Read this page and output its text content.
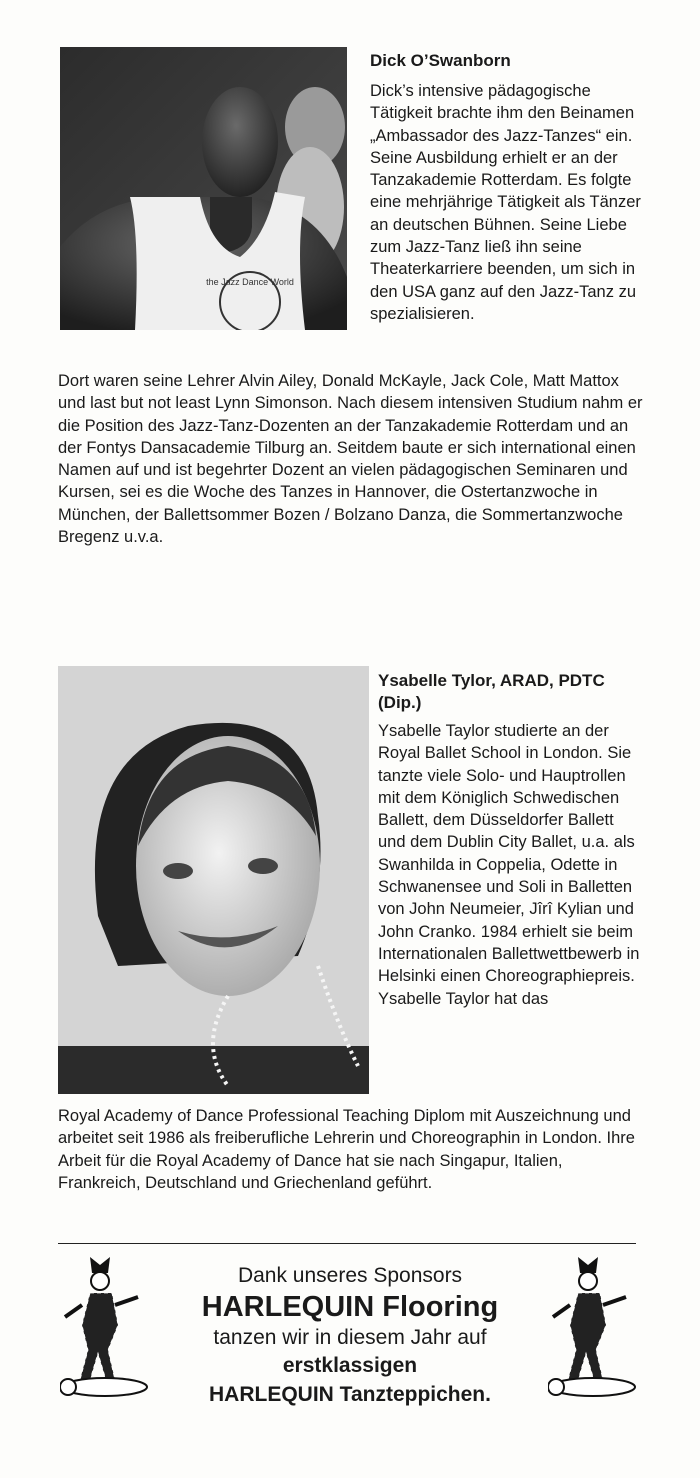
the Jazz Dance World
Dick O’Swanborn

Dick’s intensive pädagogische Tätigkeit brachte ihm den Beinamen „Ambassador des Jazz-Tanzes“ ein. Seine Ausbildung erhielt er an der Tanzakademie Rotterdam. Es folgte eine mehrjährige Tätigkeit als Tänzer an deutschen Bühnen. Seine Liebe zum Jazz-Tanz ließ ihn seine Theaterkarriere beenden, um sich in den USA ganz auf den Jazz-Tanz zu spezialisieren.

Dort waren seine Lehrer Alvin Ailey, Donald McKayle, Jack Cole, Matt Mattox und last but not least Lynn Simonson. Nach diesem intensiven Studium nahm er die Position des Jazz-Tanz-Dozenten an der Tanzakademie Rotterdam und an der Fontys Dansacademie Tilburg an. Seitdem baute er sich international einen Namen auf und ist begehrter Dozent an vielen pädagogischen Seminaren und Kursen, sei es die Woche des Tanzes in Hannover, die Ostertanzwoche in München, der Ballettsommer Bozen / Bolzano Danza, die Sommertanzwoche Bregenz u.v.a.

Ysabelle Tylor, ARAD, PDTC (Dip.)

Ysabelle Taylor studierte an der Royal Ballet School in London. Sie tanzte viele Solo- und Hauptrollen mit dem Königlich Schwedischen Ballett, dem Düsseldorfer Ballett und dem Dublin City Ballet, u.a. als Swanhilda in Coppelia, Odette in Schwanensee und Soli in Balletten von John Neumeier, Jîrî Kylian und John Cranko. 1984 erhielt sie beim Internationalen Ballettwettbewerb in Helsinki einen Choreographiepreis. Ysabelle Taylor hat das

Royal Academy of Dance Professional Teaching Diplom mit Auszeichnung und arbeitet seit 1986 als freiberufliche Lehrerin und Choreographin in London. Ihre Arbeit für die Royal Academy of Dance hat sie nach Singapur, Italien, Frankreich, Deutschland und Griechenland geführt.

Dank unseres Sponsors
HARLEQUIN Flooring
tanzen wir in diesem Jahr auf
erstklassigen
HARLEQUIN Tanzteppichen.
